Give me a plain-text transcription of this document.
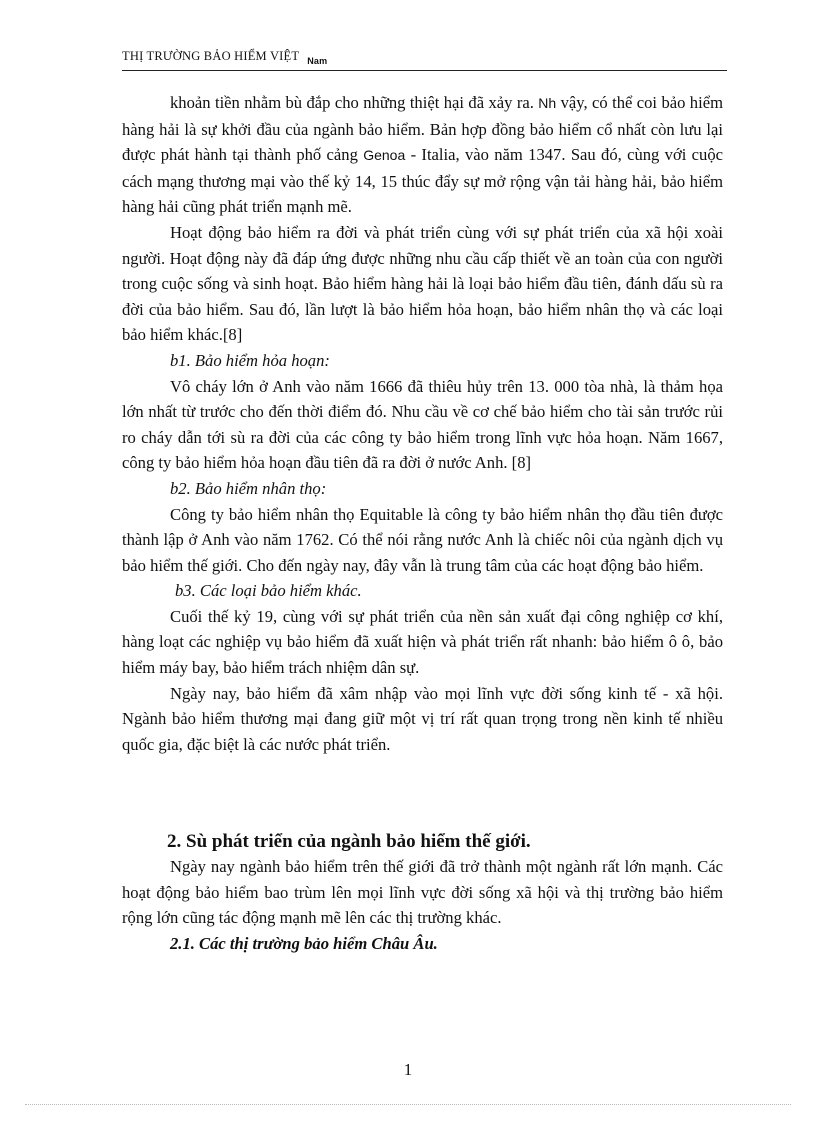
THỊ TRƯỜNG BẢO HIỂM VIỆT $_{Nam}$

khoản tiền nhằm bù đắp cho những thiệt hại đã xảy ra. Nh vậy, có thể coi bảo hiểm hàng hải là sự khởi đầu của ngành bảo hiểm. Bản hợp đồng bảo hiểm cổ nhất còn lưu lại được phát hành tại thành phố cảng Genoa - Italia, vào năm 1347. Sau đó, cùng với cuộc cách mạng thương mại vào thế kỷ 14, 15 thúc đẩy sự mở rộng vận tải hàng hải, bảo hiểm hàng hải cũng phát triển mạnh mẽ.

Hoạt động bảo hiểm ra đời và phát triển cùng với sự phát triển của xã hội xoài người. Hoạt động này đã đáp ứng được những nhu cầu cấp thiết về an toàn của con người trong cuộc sống và sinh hoạt. Bảo hiểm hàng hải là loại bảo hiểm đầu tiên, đánh dấu sù ra đời của bảo hiểm. Sau đó, lần lượt là bảo hiểm hỏa hoạn, bảo hiểm nhân thọ và các loại bảo hiểm khác.[8]

b1. Bảo hiểm hỏa hoạn:

Vô cháy lớn ở Anh vào năm 1666 đã thiêu hủy trên 13. 000 tòa nhà, là thảm họa lớn nhất từ trước cho đến thời điểm đó. Nhu cầu về cơ chế bảo hiểm cho tài sản trước rủi ro cháy dẫn tới sù ra đời của các công ty bảo hiểm trong lĩnh vực hỏa hoạn. Năm 1667, công ty bảo hiểm hỏa hoạn đầu tiên đã ra đời ở nước Anh. [8]

b2. Bảo hiểm nhân thọ:

Công ty bảo hiểm nhân thọ Equitable là công ty bảo hiểm nhân thọ đầu tiên được thành lập ở Anh vào năm 1762. Có thể nói rằng nước Anh là chiếc nôi của ngành dịch vụ bảo hiểm thế giới. Cho đến ngày nay, đây vẫn là trung tâm của các hoạt động bảo hiểm.

b3. Các loại bảo hiểm khác.

Cuối thế kỷ 19, cùng với sự phát triển của nền sản xuất đại công nghiệp cơ khí, hàng loạt các nghiệp vụ bảo hiểm đã xuất hiện và phát triển rất nhanh: bảo hiểm ô ô, bảo hiểm máy bay, bảo hiểm trách nhiệm dân sự.

Ngày nay, bảo hiểm đã xâm nhập vào mọi lĩnh vực đời sống kinh tế - xã hội. Ngành bảo hiểm thương mại đang giữ một vị trí rất quan trọng trong nền kinh tế nhiều quốc gia, đặc biệt là các nước phát triển.

2. Sù phát triển của ngành bảo hiểm thế giới.

Ngày nay ngành bảo hiểm trên thế giới đã trở thành một ngành rất lớn mạnh. Các hoạt động bảo hiểm bao trùm lên mọi lĩnh vực đời sống xã hội và thị trường bảo hiểm rộng lớn cũng tác động mạnh mẽ lên các thị trường khác.

2.1. Các thị trường bảo hiểm Châu Âu.

1
